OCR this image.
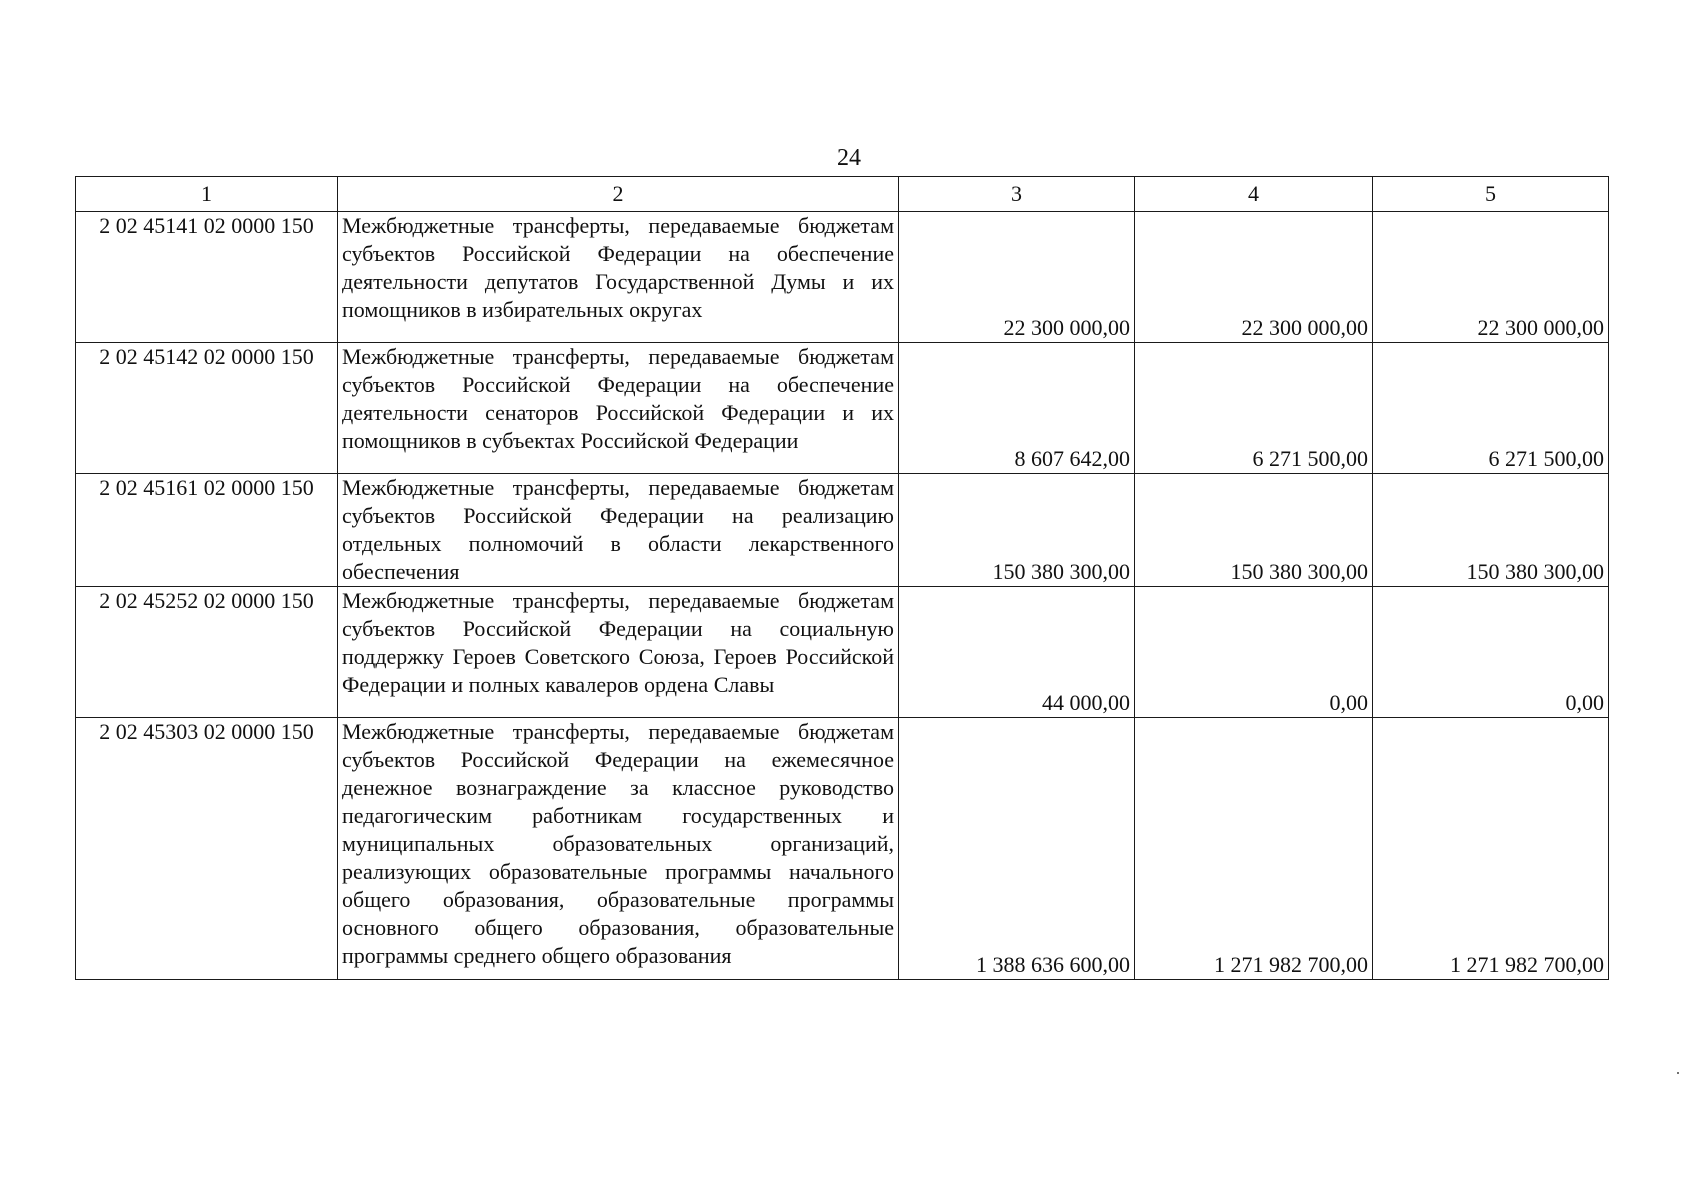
24
1	2	3	4	5
2 02 45141 02 0000 150	Межбюджетные трансферты, передаваемые бюджетам субъектов Российской Федерации на обеспечение деятельности депутатов Государственной Думы и их помощников в избирательных округах	22 300 000,00	22 300 000,00	22 300 000,00
2 02 45142 02 0000 150	Межбюджетные трансферты, передаваемые бюджетам субъектов Российской Федерации на обеспечение деятельности сенаторов Российской Федерации и их помощников в субъектах Российской Федерации	8 607 642,00	6 271 500,00	6 271 500,00
2 02 45161 02 0000 150	Межбюджетные трансферты, передаваемые бюджетам субъектов Российской Федерации на реализацию отдельных полномочий в области лекарственного обеспечения	150 380 300,00	150 380 300,00	150 380 300,00
2 02 45252 02 0000 150	Межбюджетные трансферты, передаваемые бюджетам субъектов Российской Федерации на социальную поддержку Героев Советского Союза, Героев Российской Федерации и полных кавалеров ордена Славы	44 000,00	0,00	0,00
2 02 45303 02 0000 150	Межбюджетные трансферты, передаваемые бюджетам субъектов Российской Федерации на ежемесячное денежное вознаграждение за классное руководство педагогическим работникам государственных и муниципальных образовательных организаций, реализующих образовательные программы начального общего образования, образовательные программы основного общего образования, образовательные программы среднего общего образования	1 388 636 600,00	1 271 982 700,00	1 271 982 700,00
